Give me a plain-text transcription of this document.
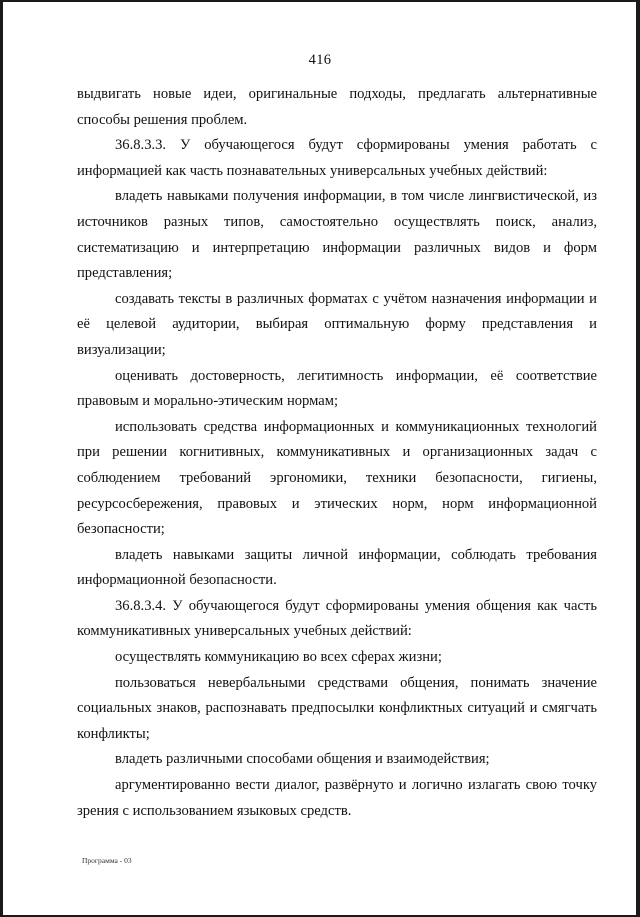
416

выдвигать новые идеи, оригинальные подходы, предлагать альтернативные способы решения проблем.

36.8.3.3. У обучающегося будут сформированы умения работать с информацией как часть познавательных универсальных учебных действий:

владеть навыками получения информации, в том числе лингвистической, из источников разных типов, самостоятельно осуществлять поиск, анализ, систематизацию и интерпретацию информации различных видов и форм представления;

создавать тексты в различных форматах с учётом назначения информации и её целевой аудитории, выбирая оптимальную форму представления и визуализации;

оценивать достоверность, легитимность информации, её соответствие правовым и морально-этическим нормам;

использовать средства информационных и коммуникационных технологий при решении когнитивных, коммуникативных и организационных задач с соблюдением требований эргономики, техники безопасности, гигиены, ресурсосбережения, правовых и этических норм, норм информационной безопасности;

владеть навыками защиты личной информации, соблюдать требования информационной безопасности.

36.8.3.4. У обучающегося будут сформированы умения общения как часть коммуникативных универсальных учебных действий:

осуществлять коммуникацию во всех сферах жизни;

пользоваться невербальными средствами общения, понимать значение социальных знаков, распознавать предпосылки конфликтных ситуаций и смягчать конфликты;

владеть различными способами общения и взаимодействия;

аргументированно вести диалог, развёрнуто и логично излагать свою точку зрения с использованием языковых средств.

Программа - 03
